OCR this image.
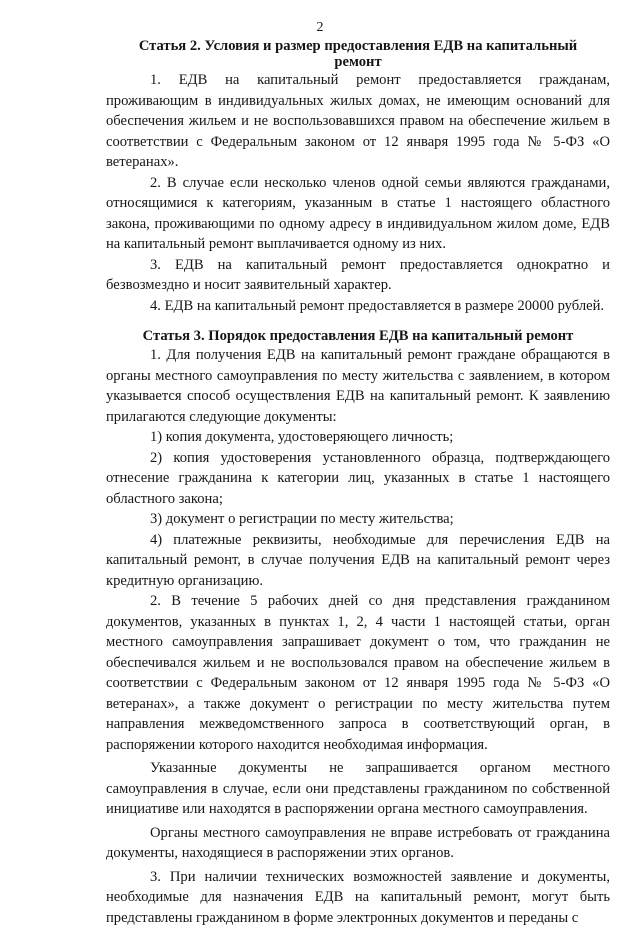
2

Статья 2. Условия и размер предоставления ЕДВ на капитальный ремонт

1. ЕДВ на капитальный ремонт предоставляется гражданам, проживающим в индивидуальных жилых домах, не имеющим оснований для обеспечения жильем и не воспользовавшихся правом на обеспечение жильем в соответствии с Федеральным законом от 12 января 1995 года № 5-ФЗ «О ветеранах».

2. В случае если несколько членов одной семьи являются гражданами, относящимися к категориям, указанным в статье 1 настоящего областного закона, проживающими по одному адресу в индивидуальном жилом доме, ЕДВ на капитальный ремонт выплачивается одному из них.

3. ЕДВ на капитальный ремонт предоставляется однократно и безвозмездно и носит заявительный характер.

4. ЕДВ на капитальный ремонт предоставляется в размере 20000 рублей.

Статья 3. Порядок предоставления ЕДВ на капитальный ремонт

1. Для получения ЕДВ на капитальный ремонт граждане обращаются в органы местного самоуправления по месту жительства с заявлением, в котором указывается способ осуществления ЕДВ на капитальный ремонт. К заявлению прилагаются следующие документы:

1) копия документа, удостоверяющего личность;

2) копия удостоверения установленного образца, подтверждающего отнесение гражданина к категории лиц, указанных в статье 1 настоящего областного закона;

3) документ о регистрации по месту жительства;

4) платежные реквизиты, необходимые для перечисления ЕДВ на капитальный ремонт, в случае получения ЕДВ на капитальный ремонт через кредитную организацию.

2. В течение 5 рабочих дней со дня представления гражданином документов, указанных в пунктах 1, 2, 4 части 1 настоящей статьи, орган местного самоуправления запрашивает документ о том, что гражданин не обеспечивался жильем и не воспользовался правом на обеспечение жильем в соответствии с Федеральным законом от 12 января 1995 года № 5-ФЗ «О ветеранах», а также документ о регистрации по месту жительства путем направления межведомственного запроса в соответствующий орган, в распоряжении которого находится необходимая информация.

Указанные документы не запрашивается органом местного самоуправления в случае, если они представлены гражданином по собственной инициативе или находятся в распоряжении органа местного самоуправления.

Органы местного самоуправления не вправе истребовать от гражданина документы, находящиеся в распоряжении этих органов.

3. При наличии технических возможностей заявление и документы, необходимые для назначения ЕДВ на капитальный ремонт, могут быть представлены гражданином в форме электронных документов и переданы с
